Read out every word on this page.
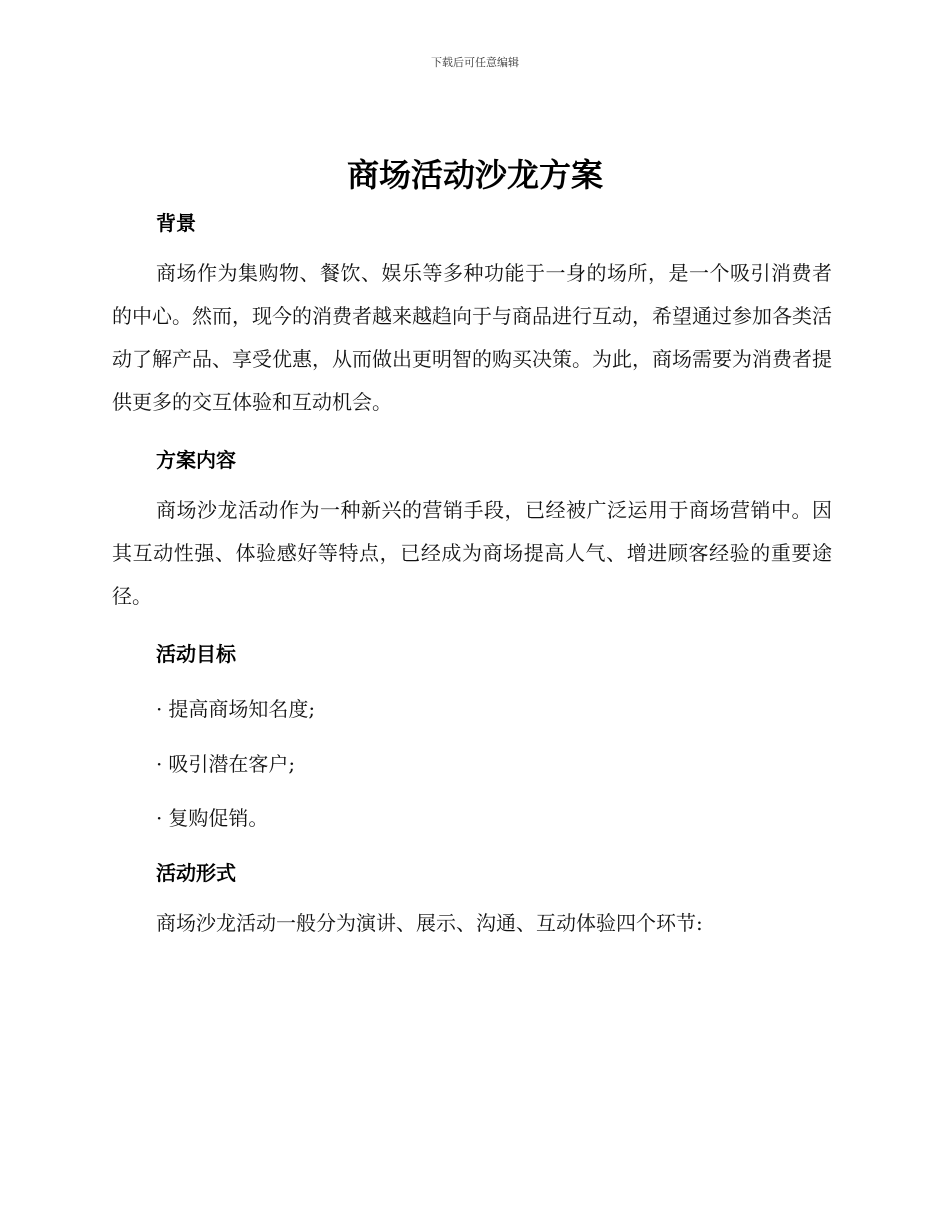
下载后可任意编辑
商场活动沙龙方案
背景
商场作为集购物、餐饮、娱乐等多种功能于一身的场所，是一个吸引消费者的中心。然而，现今的消费者越来越趋向于与商品进行互动，希望通过参加各类活动了解产品、享受优惠，从而做出更明智的购买决策。为此，商场需要为消费者提供更多的交互体验和互动机会。
方案内容
商场沙龙活动作为一种新兴的营销手段，已经被广泛运用于商场营销中。因其互动性强、体验感好等特点，已经成为商场提高人气、增进顾客经验的重要途径。
活动目标
· 提高商场知名度;
· 吸引潜在客户;
· 复购促销。
活动形式
商场沙龙活动一般分为演讲、展示、沟通、互动体验四个环节:
